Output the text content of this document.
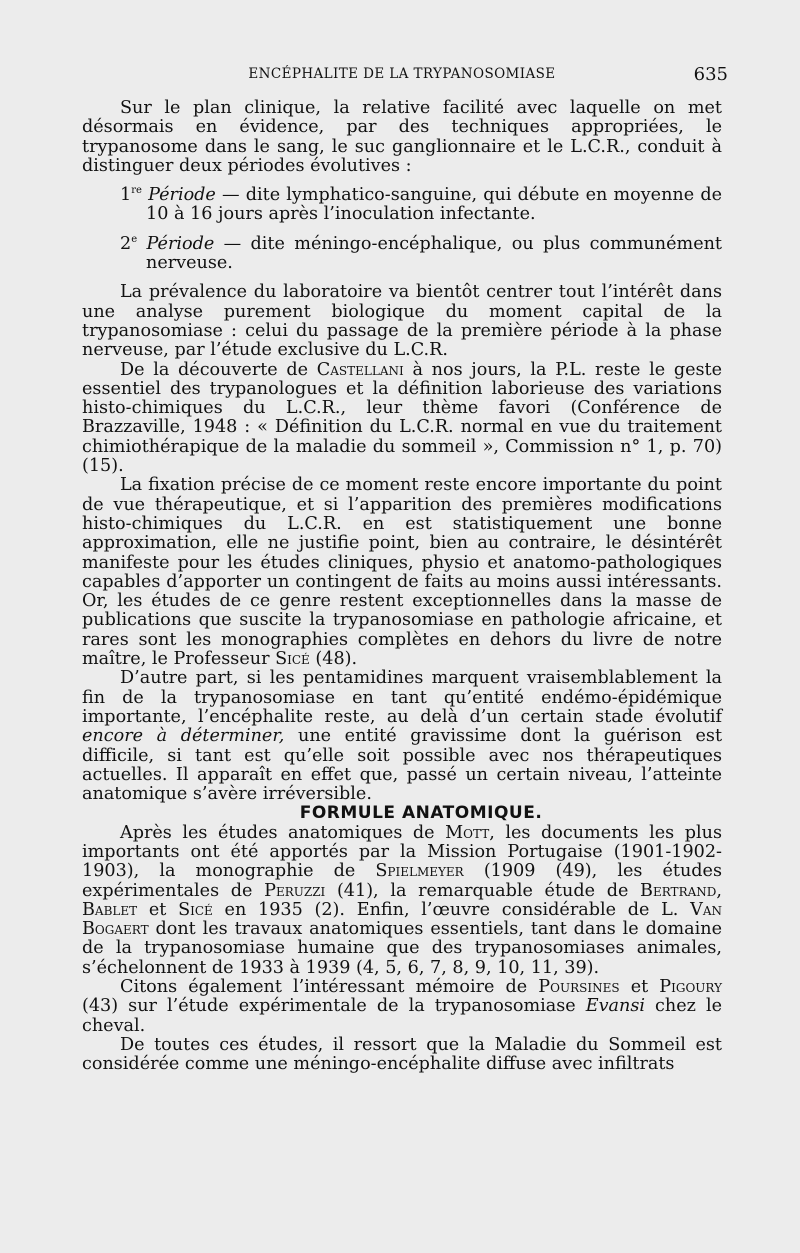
ENCÉPHALITE DE LA TRYPANOSOMIASE	635

Sur le plan clinique, la relative facilité avec laquelle on met désormais en évidence, par des techniques appropriées, le trypanosome dans le sang, le suc ganglionnaire et le L.C.R., conduit à distinguer deux périodes évolutives :

1re Période — dite lymphatico-sanguine, qui débute en moyenne de 10 à 16 jours après l’inoculation infectante.

2e Période — dite méningo-encéphalique, ou plus communément nerveuse.

La prévalence du laboratoire va bientôt centrer tout l’intérêt dans une analyse purement biologique du moment capital de la trypanosomiase : celui du passage de la première période à la phase nerveuse, par l’étude exclusive du L.C.R.

De la découverte de Castellani à nos jours, la P.L. reste le geste essentiel des trypanologues et la définition laborieuse des variations histo-chimiques du L.C.R., leur thème favori (Conférence de Brazzaville, 1948 : « Définition du L.C.R. normal en vue du traitement chimiothérapique de la maladie du sommeil », Commission n° 1, p. 70) (15).

La fixation précise de ce moment reste encore importante du point de vue thérapeutique, et si l’apparition des premières modifications histo-chimiques du L.C.R. en est statistiquement une bonne approximation, elle ne justifie point, bien au contraire, le désintérêt manifeste pour les études cliniques, physio et anatomo-pathologiques capables d’apporter un contingent de faits au moins aussi intéressants. Or, les études de ce genre restent exceptionnelles dans la masse de publications que suscite la trypanosomiase en pathologie africaine, et rares sont les monographies complètes en dehors du livre de notre maître, le Professeur Sicé (48).

D’autre part, si les pentamidines marquent vraisemblablement la fin de la trypanosomiase en tant qu’entité endémo-épidémique importante, l’encéphalite reste, au delà d’un certain stade évolutif encore à déterminer, une entité gravissime dont la guérison est difficile, si tant est qu’elle soit possible avec nos thérapeutiques actuelles. Il apparaît en effet que, passé un certain niveau, l’atteinte anatomique s’avère irréversible.

FORMULE ANATOMIQUE.

Après les études anatomiques de Mott, les documents les plus importants ont été apportés par la Mission Portugaise (1901-1902-1903), la monographie de Spielmeyer (1909 (49), les études expérimentales de Peruzzi (41), la remarquable étude de Bertrand, Bablet et Sicé en 1935 (2). Enfin, l’œuvre considérable de L. Van Bogaert dont les travaux anatomiques essentiels, tant dans le domaine de la trypanosomiase humaine que des trypanosomiases animales, s’échelonnent de 1933 à 1939 (4, 5, 6, 7, 8, 9, 10, 11, 39).

Citons également l’intéressant mémoire de Poursines et Pigoury (43) sur l’étude expérimentale de la trypanosomiase Evansi chez le cheval.

De toutes ces études, il ressort que la Maladie du Sommeil est considérée comme une méningo-encéphalite diffuse avec infiltrats
